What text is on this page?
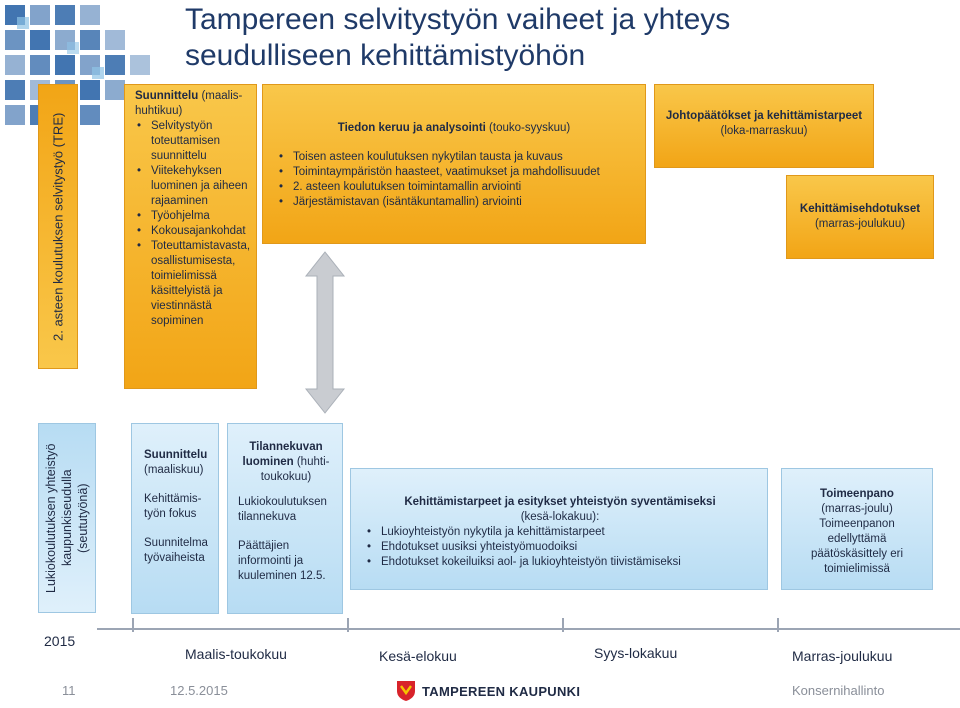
Tampereen selvitystyön vaiheet ja yhteys
seudulliseen kehittämistyöhön
2. asteen koulutuksen selvitystyö (TRE)
Suunnittelu (maalis-huhtikuu)
• Selvitystyön toteuttamisen suunnittelu
• Viitekehyksen luominen ja aiheen rajaaminen
• Työohjelma
• Kokousajankohdat
• Toteuttamistavasta, osallistumisesta, toimielimissä käsittelyistä ja viestinnästä sopiminen
Tiedon keruu ja analysointi (touko-syyskuu)
• Toisen asteen koulutuksen nykytilan tausta ja kuvaus
• Toimintaympäristön haasteet, vaatimukset ja mahdollisuudet
• 2. asteen koulutuksen toimintamallin arviointi
• Järjestämistavan (isäntäkuntamallin) arviointi
Johtopäätökset ja kehittämistarpeet
(loka-marraskuu)
Kehittämisehdotukset
(marras-joulukuu)
Lukiokoulutuksen yhteistyö kaupunkiseudulla (seututyönä)
Suunnittelu
(maaliskuu)
Kehittämis-työn fokus
Suunnitelma työvaiheista
Tilannekuvan luominen (huhti-toukokuu)
Lukiokoulutuksen tilannekuva
Päättäjien informointi ja kuuleminen 12.5.
Kehittämistarpeet ja esitykset yhteistyön syventämiseksi
(kesä-lokakuu):
• Lukioyhteistyön nykytila ja kehittämistarpeet
• Ehdotukset uusiksi yhteistyömuodoiksi
• Ehdotukset kokeiluiksi aol- ja lukioyhteistyön tiivistämiseksi
Toimeenpano
(marras-joulu)
Toimeenpanon edellyttämä päätöskäsittely eri toimielimissä
2015
Maalis-toukokuu	Kesä-elokuu	Syys-lokakuu	Marras-joulukuu
11	12.5.2015	TAMPEREEN KAUPUNKI	Konsernihallinto
